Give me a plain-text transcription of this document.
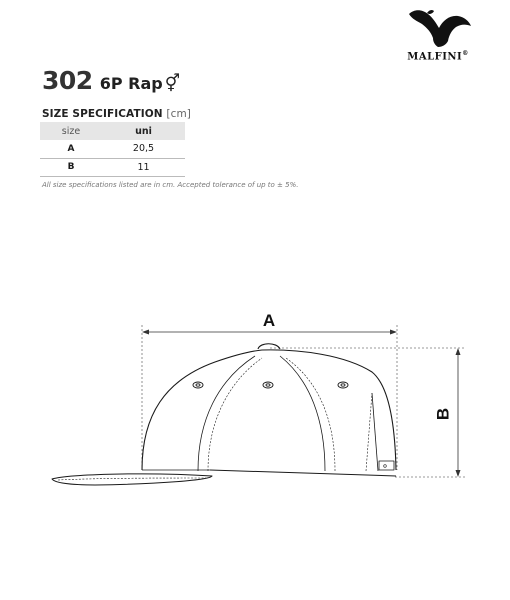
MALFINI®
302 6P Rap ⚥
SIZE SPECIFICATION [cm]
size	uni
A	20,5
B	11
All size specifications listed are in cm. Accepted tolerance of up to ± 5%.
A
B
